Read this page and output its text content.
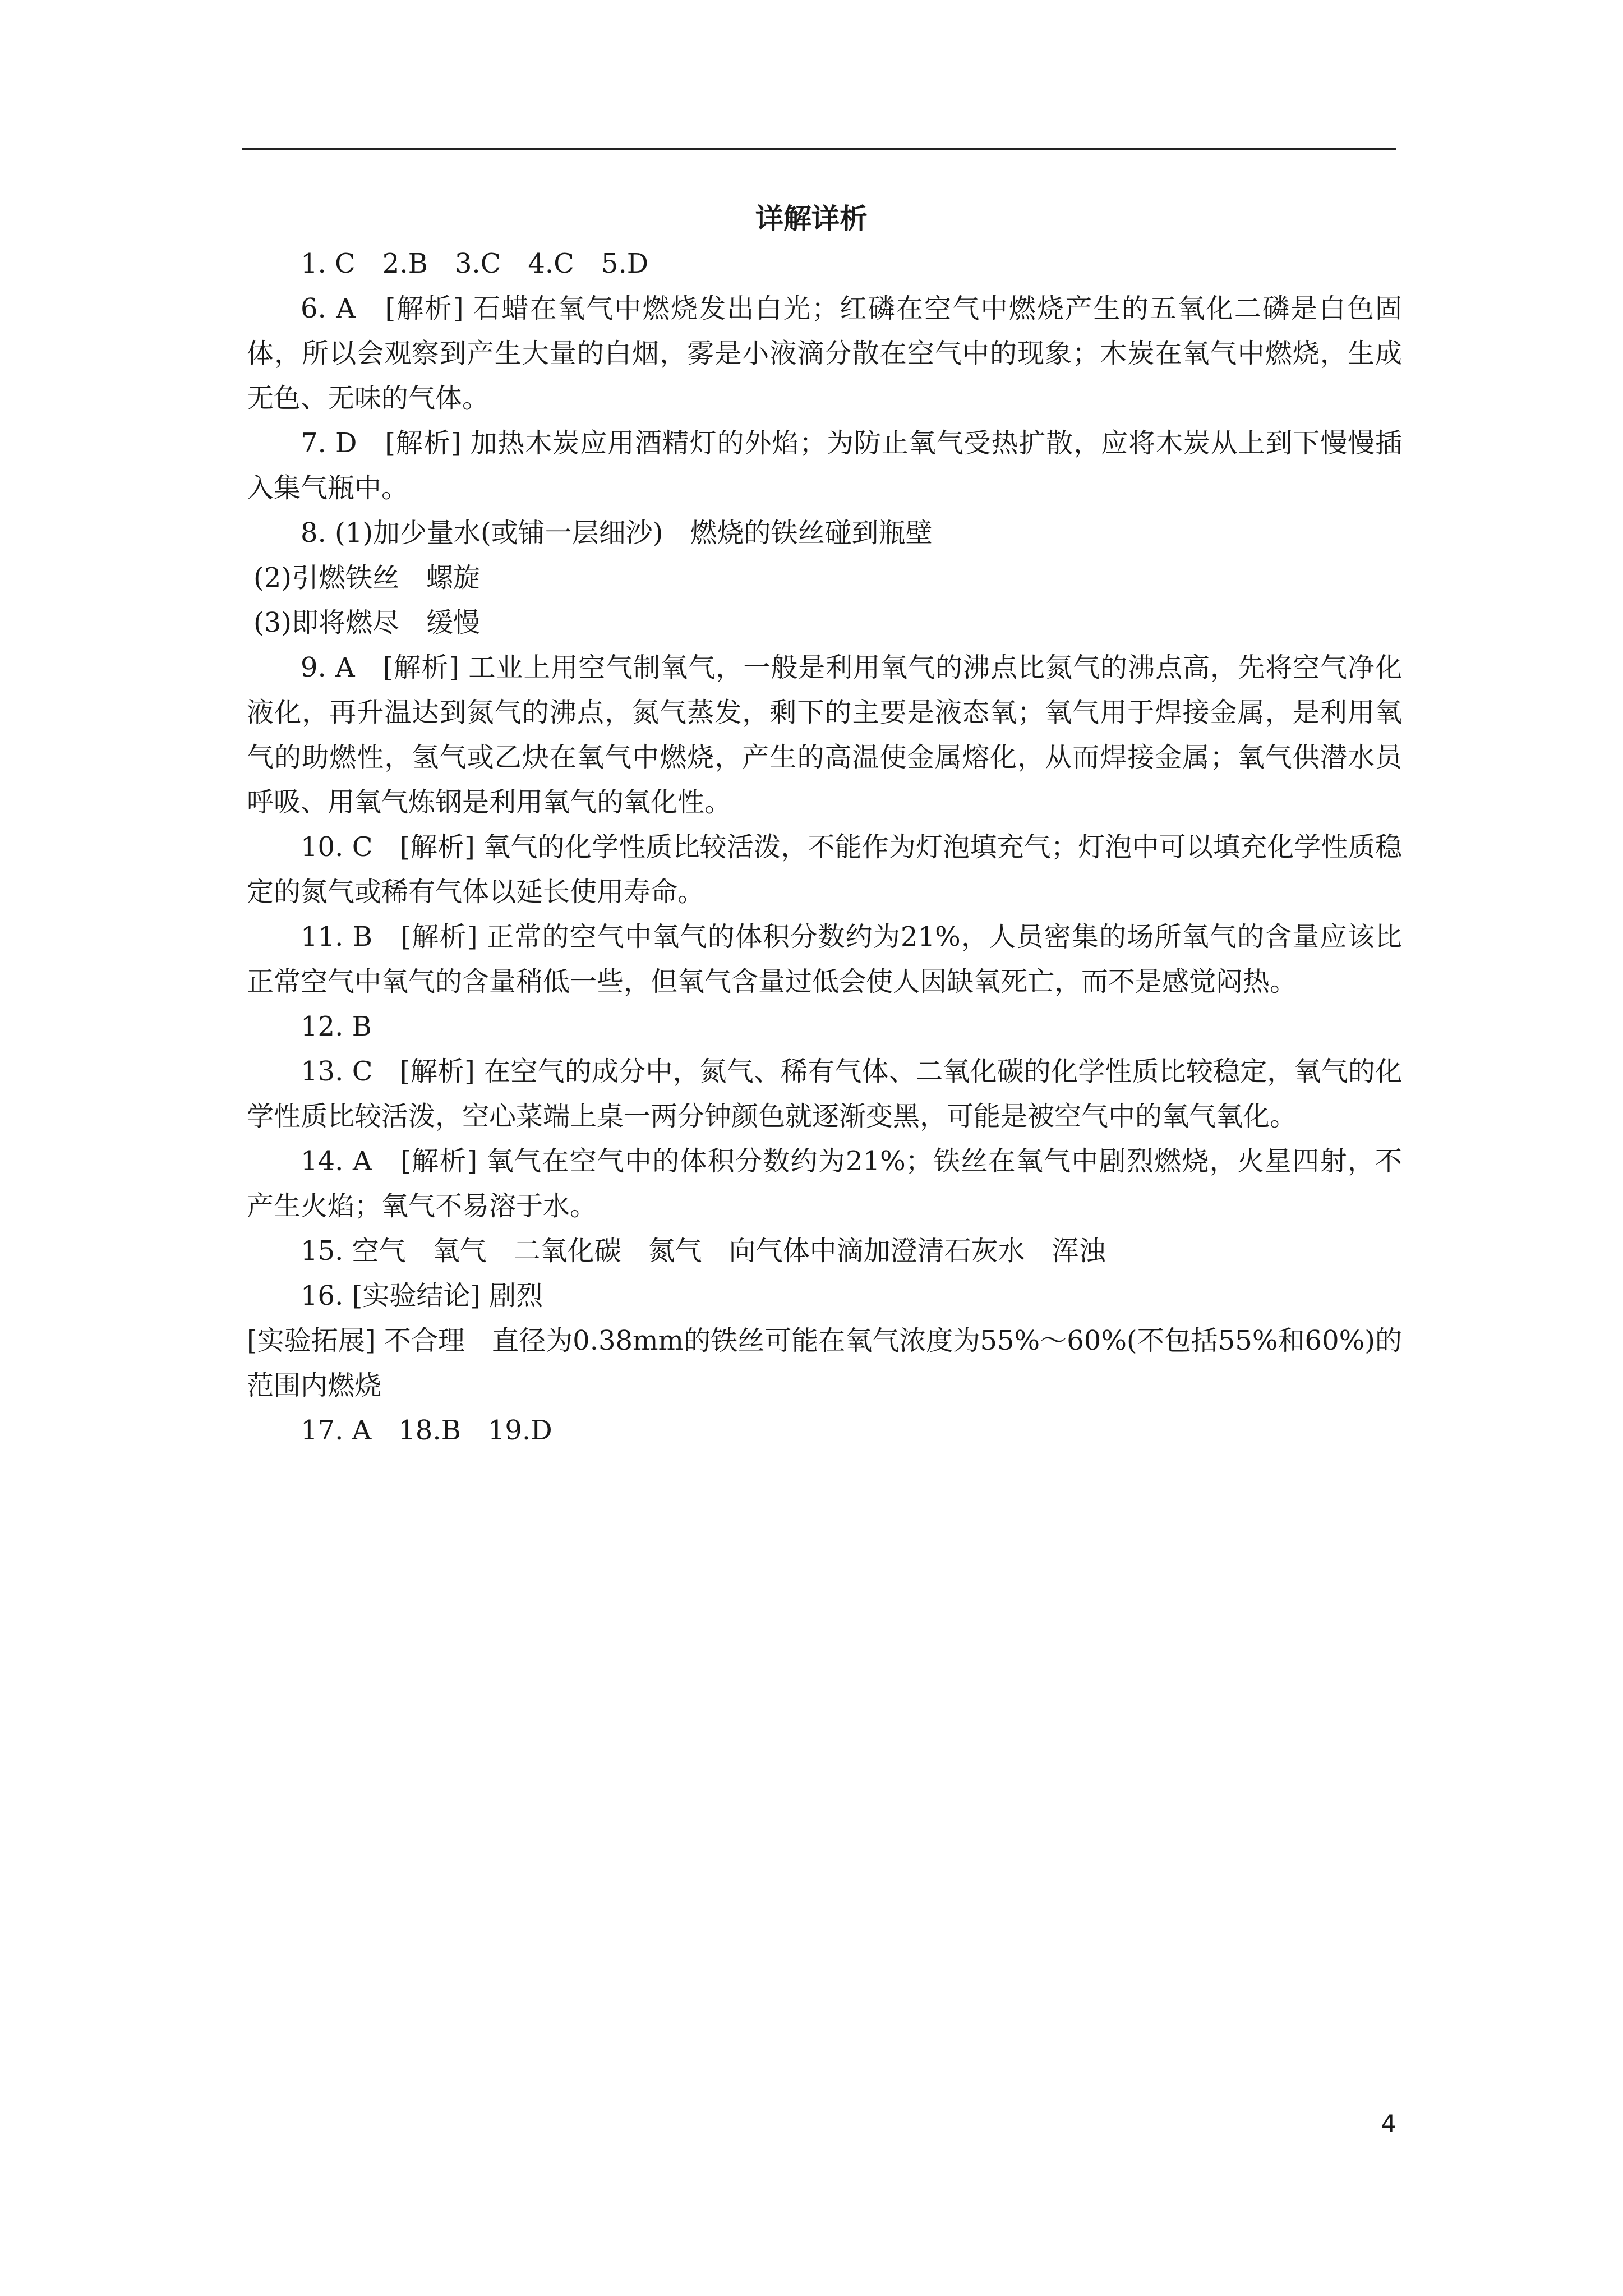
详解详析

1. C　2.B　3.C　4.C　5.D

6. A　[解析] 石蜡在氧气中燃烧发出白光；红磷在空气中燃烧产生的五氧化二磷是白色固体，所以会观察到产生大量的白烟，雾是小液滴分散在空气中的现象；木炭在氧气中燃烧，生成无色、无味的气体。

7. D　[解析] 加热木炭应用酒精灯的外焰；为防止氧气受热扩散，应将木炭从上到下慢慢插入集气瓶中。

8. (1)加少量水(或铺一层细沙)　燃烧的铁丝碰到瓶壁

(2)引燃铁丝　螺旋

(3)即将燃尽　缓慢

9. A　[解析] 工业上用空气制氧气，一般是利用氧气的沸点比氮气的沸点高，先将空气净化液化，再升温达到氮气的沸点，氮气蒸发，剩下的主要是液态氧；氧气用于焊接金属，是利用氧气的助燃性，氢气或乙炔在氧气中燃烧，产生的高温使金属熔化，从而焊接金属；氧气供潜水员呼吸、用氧气炼钢是利用氧气的氧化性。

10. C　[解析] 氧气的化学性质比较活泼，不能作为灯泡填充气；灯泡中可以填充化学性质稳定的氮气或稀有气体以延长使用寿命。

11. B　[解析] 正常的空气中氧气的体积分数约为21%，人员密集的场所氧气的含量应该比正常空气中氧气的含量稍低一些，但氧气含量过低会使人因缺氧死亡，而不是感觉闷热。

12. B

13. C　[解析] 在空气的成分中，氮气、稀有气体、二氧化碳的化学性质比较稳定，氧气的化学性质比较活泼，空心菜端上桌一两分钟颜色就逐渐变黑，可能是被空气中的氧气氧化。

14. A　[解析] 氧气在空气中的体积分数约为21%；铁丝在氧气中剧烈燃烧，火星四射，不产生火焰；氧气不易溶于水。

15. 空气　氧气　二氧化碳　氮气　向气体中滴加澄清石灰水　浑浊

16. [实验结论] 剧烈

[实验拓展] 不合理　直径为0.38mm的铁丝可能在氧气浓度为55%～60%(不包括55%和60%)的范围内燃烧

17. A　18.B　19.D

4
